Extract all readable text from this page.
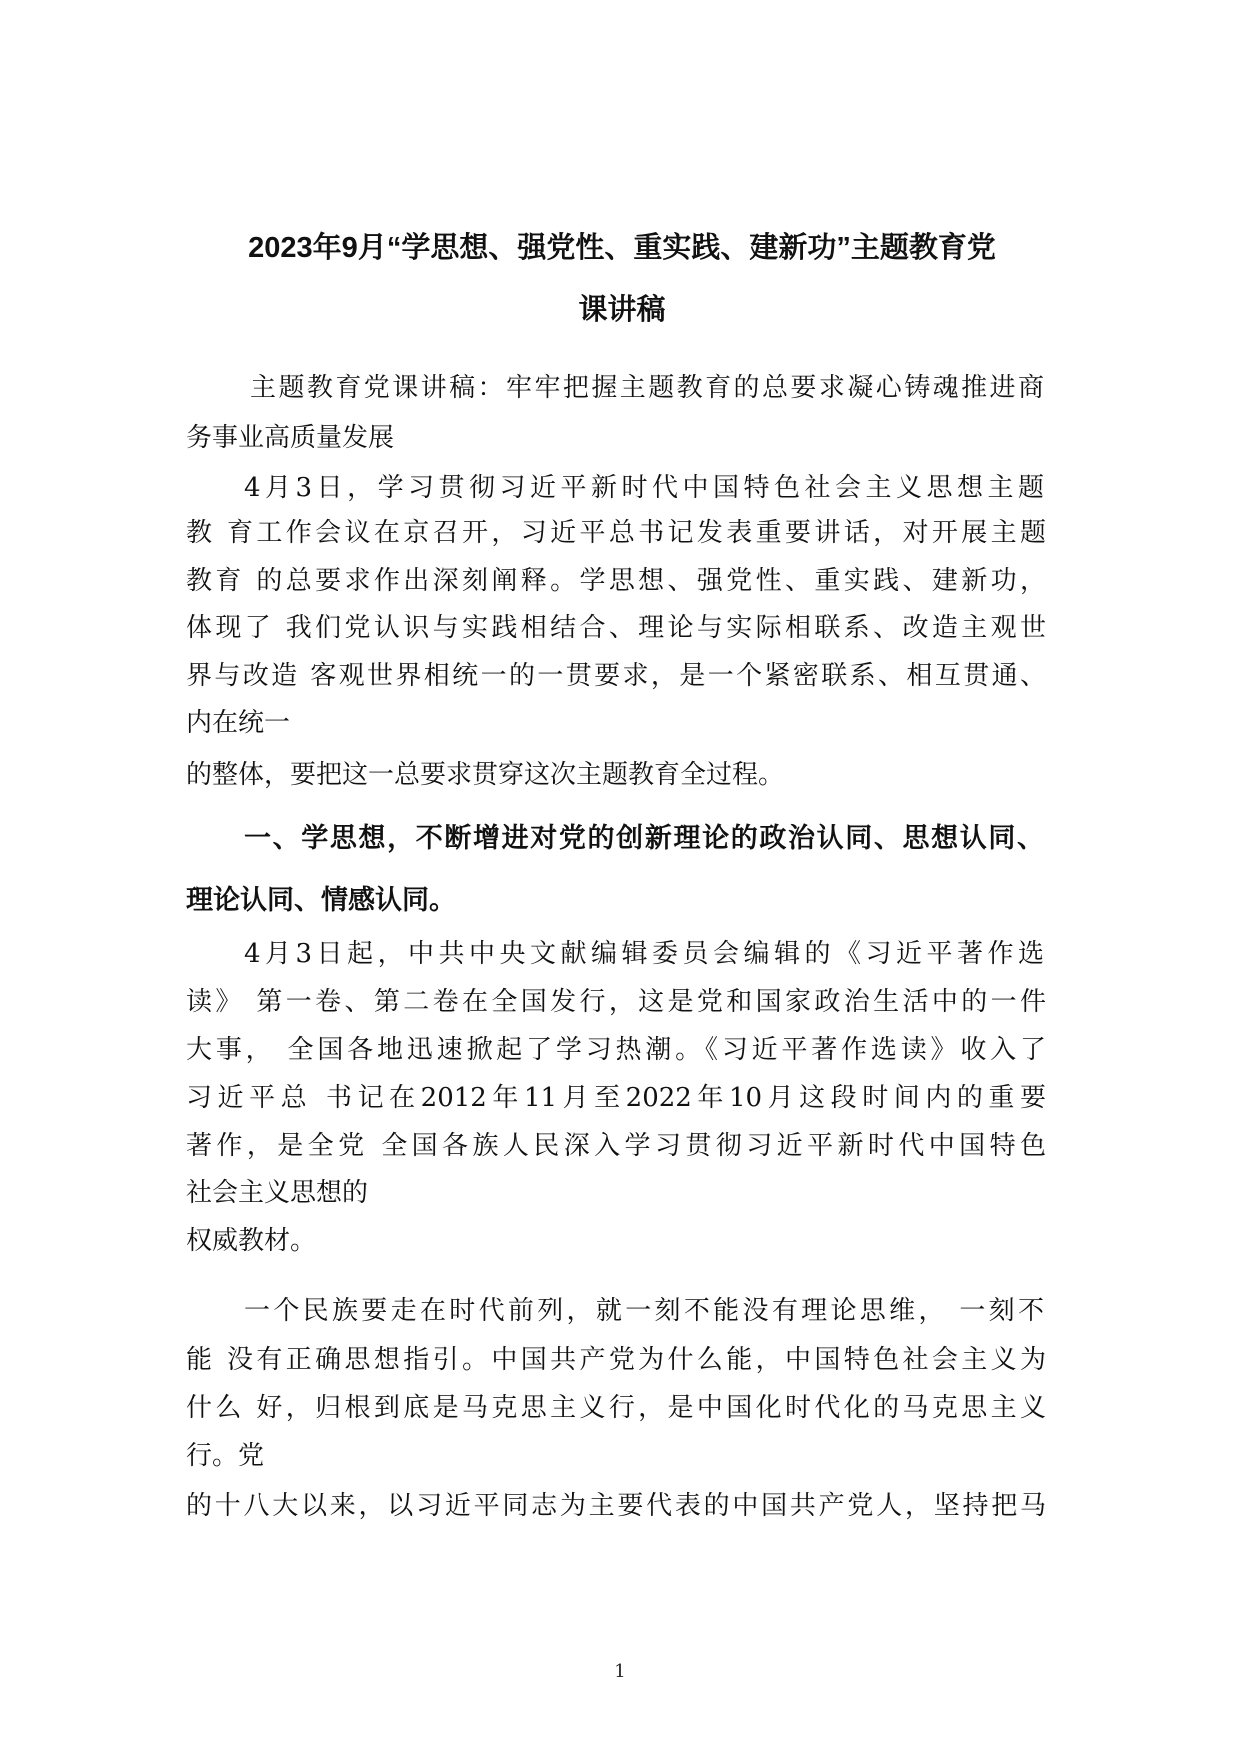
2023年9月“学思想、强党性、重实践、建新功”主题教育党
课讲稿

主题教育党课讲稿：牢牢把握主题教育的总要求凝心铸魂推进商

务事业高质量发展

4月3日，学习贯彻习近平新时代中国特色社会主义思想主题

教 育工作会议在京召开，习近平总书记发表重要讲话，对开展主题

教育 的总要求作出深刻阐释。学思想、强党性、重实践、建新功，

体现了 我们党认识与实践相结合、理论与实际相联系、改造主观世

界与改造 客观世界相统一的一贯要求，是一个紧密联系、相互贯通、

内在统一

的整体，要把这一总要求贯穿这次主题教育全过程。

一、学思想，不断增进对党的创新理论的政治认同、思想认同、
理论认同、情感认同。

4月3日起，中共中央文献编辑委员会编辑的《习近平著作选

读》 第一卷、第二卷在全国发行，这是党和国家政治生活中的一件

大事， 全国各地迅速掀起了学习热潮。《习近平著作选读》收入了

习近平总 书记在2012年11月至2022年10月这段时间内的重要

著作，是全党 全国各族人民深入学习贯彻习近平新时代中国特色

社会主义思想的

权威教材。

一个民族要走在时代前列，就一刻不能没有理论思维， 一刻不

能 没有正确思想指引。中国共产党为什么能，中国特色社会主义为

什么 好，归根到底是马克思主义行，是中国化时代化的马克思主义

行。党

的十八大以来，以习近平同志为主要代表的中国共产党人，坚持把马

1
